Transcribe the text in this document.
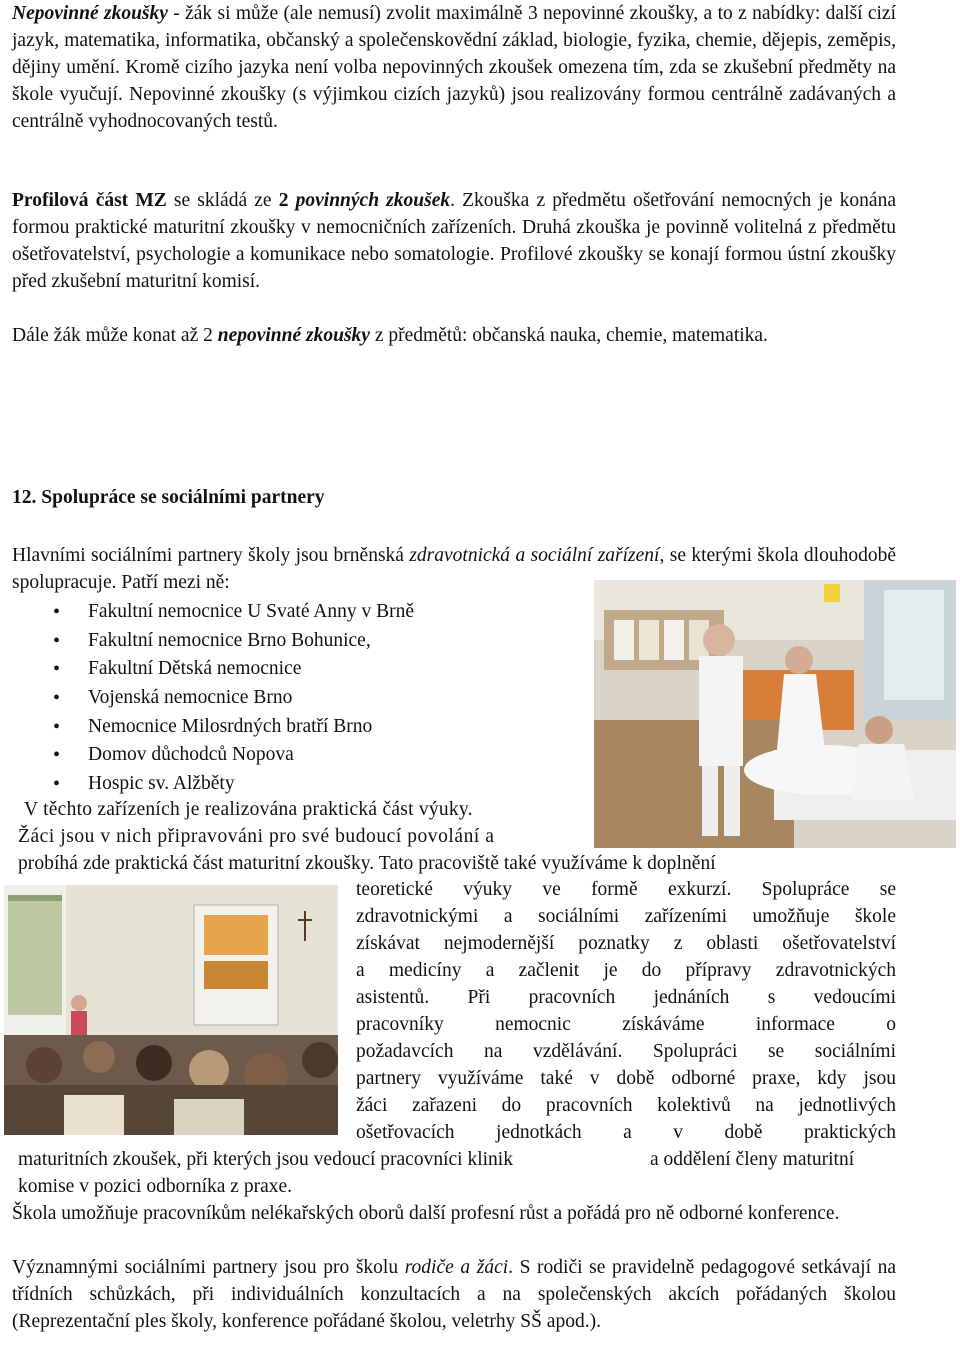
Nepovinné zkoušky - žák si může (ale nemusí) zvolit maximálně 3 nepovinné zkoušky, a to z nabídky: další cizí jazyk, matematika, informatika, občanský a společenskovědní základ, biologie, fyzika, chemie, dějepis, zeměpis, dějiny umění. Kromě cizího jazyka není volba nepovinných zkoušek omezena tím, zda se zkušební předměty na škole vyučují. Nepovinné zkoušky (s výjimkou cizích jazyků) jsou realizovány formou centrálně zadávaných a centrálně vyhodnocovaných testů.

Profilová část MZ se skládá ze 2 povinných zkoušek. Zkouška z předmětu ošetřování nemocných je konána formou praktické maturitní zkoušky v nemocničních zařízeních. Druhá zkouška je povinně volitelná z předmětu ošetřovatelství, psychologie a komunikace nebo somatologie. Profilové zkoušky se konají formou ústní zkoušky před zkušební maturitní komisí.

Dále žák může konat až 2 nepovinné zkoušky z předmětů: občanská nauka, chemie, matematika.

12. Spolupráce se sociálními partnery

Hlavními sociálními partnery školy jsou brněnská zdravotnická a sociální zařízení, se kterými škola dlouhodobě spolupracuje. Patří mezi ně:

• Fakultní nemocnice U Svaté Anny v Brně
• Fakultní nemocnice Brno Bohunice,
• Fakultní Dětská nemocnice
• Vojenská nemocnice Brno
• Nemocnice Milosrdných bratří Brno
• Domov důchodců Nopova
• Hospic sv. Alžběty

V těchto zařízeních je realizována praktická část výuky.

Žáci jsou v nich připravováni pro své budoucí povolání a

probíhá zde praktická část maturitní zkoušky. Tato pracoviště také využíváme k doplnění

teoretické výuky ve formě exkurzí. Spolupráce se
zdravotnickými a sociálními zařízeními umožňuje škole
získávat nejmodernější poznatky z oblasti ošetřovatelství
a medicíny a začlenit je do přípravy zdravotnických
asistentů. Při pracovních jednáních s vedoucími
pracovníky nemocnic získáváme informace o
požadavcích na vzdělávání. Spolupráci se sociálními
partnery využíváme také v době odborné praxe, kdy jsou
žáci zařazeni do pracovních kolektivů na jednotlivých
ošetřovacích jednotkách a v době praktických

maturitních zkoušek, při kterých jsou vedoucí pracovníci klinik	a oddělení členy maturitní

komise v pozici odborníka z praxe.

Škola umožňuje pracovníkům nelékařských oborů další profesní růst a pořádá pro ně odborné konference.

Významnými sociálními partnery jsou pro školu rodiče a žáci. S rodiči se pravidelně pedagogové setkávají na třídních schůzkách, při individuálních konzultacích a na společenských akcích pořádaných školou (Reprezentační ples školy, konference pořádané školou, veletrhy SŠ apod.).
